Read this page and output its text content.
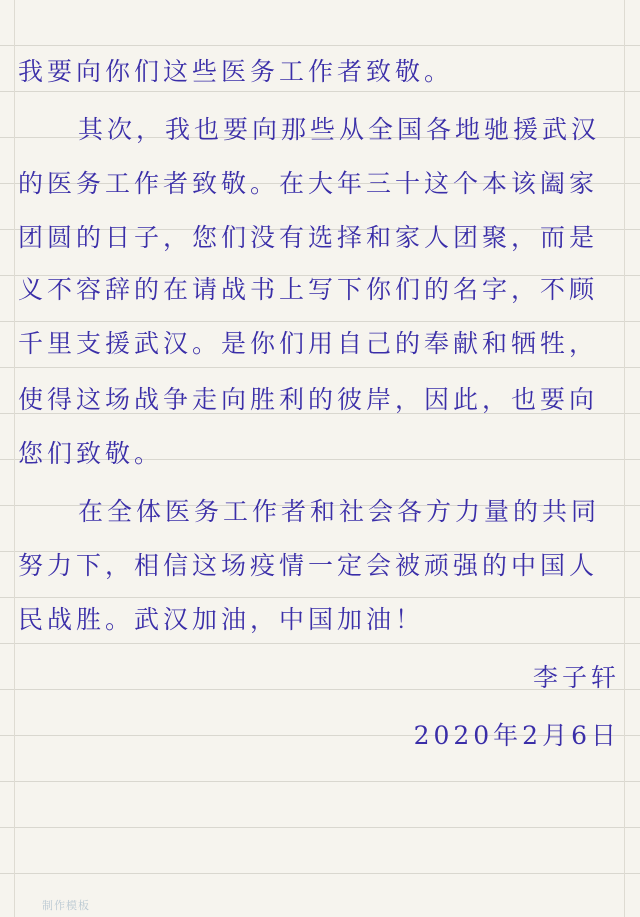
我要向你们这些医务工作者致敬。
其次，我也要向那些从全国各地驰援武汉
的医务工作者致敬。在大年三十这个本该阖家
团圆的日子，您们没有选择和家人团聚，而是
义不容辞的在请战书上写下你们的名字，不顾
千里支援武汉。是你们用自己的奉献和牺牲，
使得这场战争走向胜利的彼岸，因此，也要向
您们致敬。
在全体医务工作者和社会各方力量的共同
努力下，相信这场疫情一定会被顽强的中国人
民战胜。武汉加油，中国加油！
李子轩
2020年2月6日
制作模板
